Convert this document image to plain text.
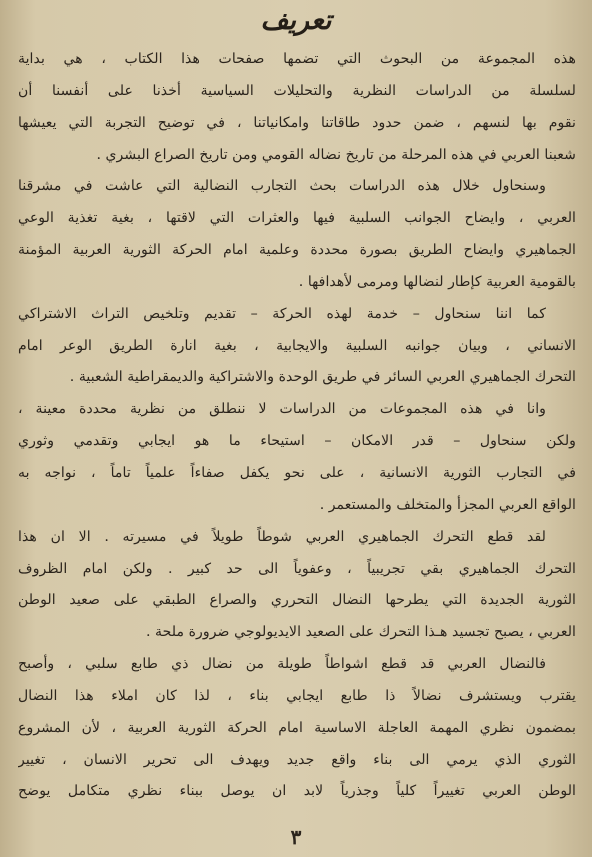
تعريف
هذه المجموعة من البحوث التي تضمها صفحات هذا الكتاب ، هي بداية
لسلسلة من الدراسات النظرية والتحليلات السياسية أخذنا على أنفسنا أن
نقوم بها لنسهم ، ضمن حدود طاقاتنا وامكانياتنا ، في توضيح التجربة التي يعيشها
شعبنا العربي في هذه المرحلة من تاريخ نضاله القومي ومن تاريخ الصراع البشري .
وسنحاول خلال هذه الدراسات بحث التجارب النضالية التي عاشت في مشرقنا
العربي ، وايضاح الجوانب السلبية فيها والعثرات التي لاقتها ، بغية تغذية الوعي
الجماهيري وايضاح الطريق بصورة محددة وعلمية امام الحركة الثورية العربية المؤمنة
بالقومية العربية كإطار لنضالها ومرمى لأهدافها .
كما اننا سنحاول – خدمة لهذه الحركة – تقديم وتلخيص التراث الاشتراكي
الانساني ، وبيان جوانبه السلبية والايجابية ، بغية انارة الطريق الوعر امام
التحرك الجماهيري العربي السائر في طريق الوحدة والاشتراكية والديمقراطية الشعبية .
وانا في هذه المجموعات من الدراسات لا ننطلق من نظرية محددة معينة ،
ولكن سنحاول – قدر الامكان – استيحاء ما هو ايجابي وتقدمي وثوري
في التجارب الثورية الانسانية ، على نحو يكفل صفاءاً علمياً تاماً ، نواجه به
الواقع العربي المجزأ والمتخلف والمستعمر .
لقد قطع التحرك الجماهيري العربي شوطاً طويلاً في مسيرته . الا ان هذا
التحرك الجماهيري بقي تجريبياً ، وعفوياً الى حد كبير . ولكن امام الظروف
الثورية الجديدة التي يطرحها النضال التحرري والصراع الطبقي على صعيد الوطن
العربي ، يصبح تجسيد هـذا التحرك على الصعيد الايديولوجي ضرورة ملحة .
فالنضال العربي قد قطع اشواطاً طويلة من نضال ذي طابع سلبي ، وأصبح
يقترب ويستشرف نضالاً ذا طابع ايجابي بناء ، لذا كان املاء هذا النضال
بمضمون نظري المهمة العاجلة الاساسية امام الحركة الثورية العربية ، لأن المشروع
الثوري الذي يرمي الى بناء واقع جديد ويهدف الى تحرير الانسان ، تغيير
الوطن العربي تغييراً كلياً وجذرياً لابد ان يوصل ببناء نظري متكامل يوضح
٣
